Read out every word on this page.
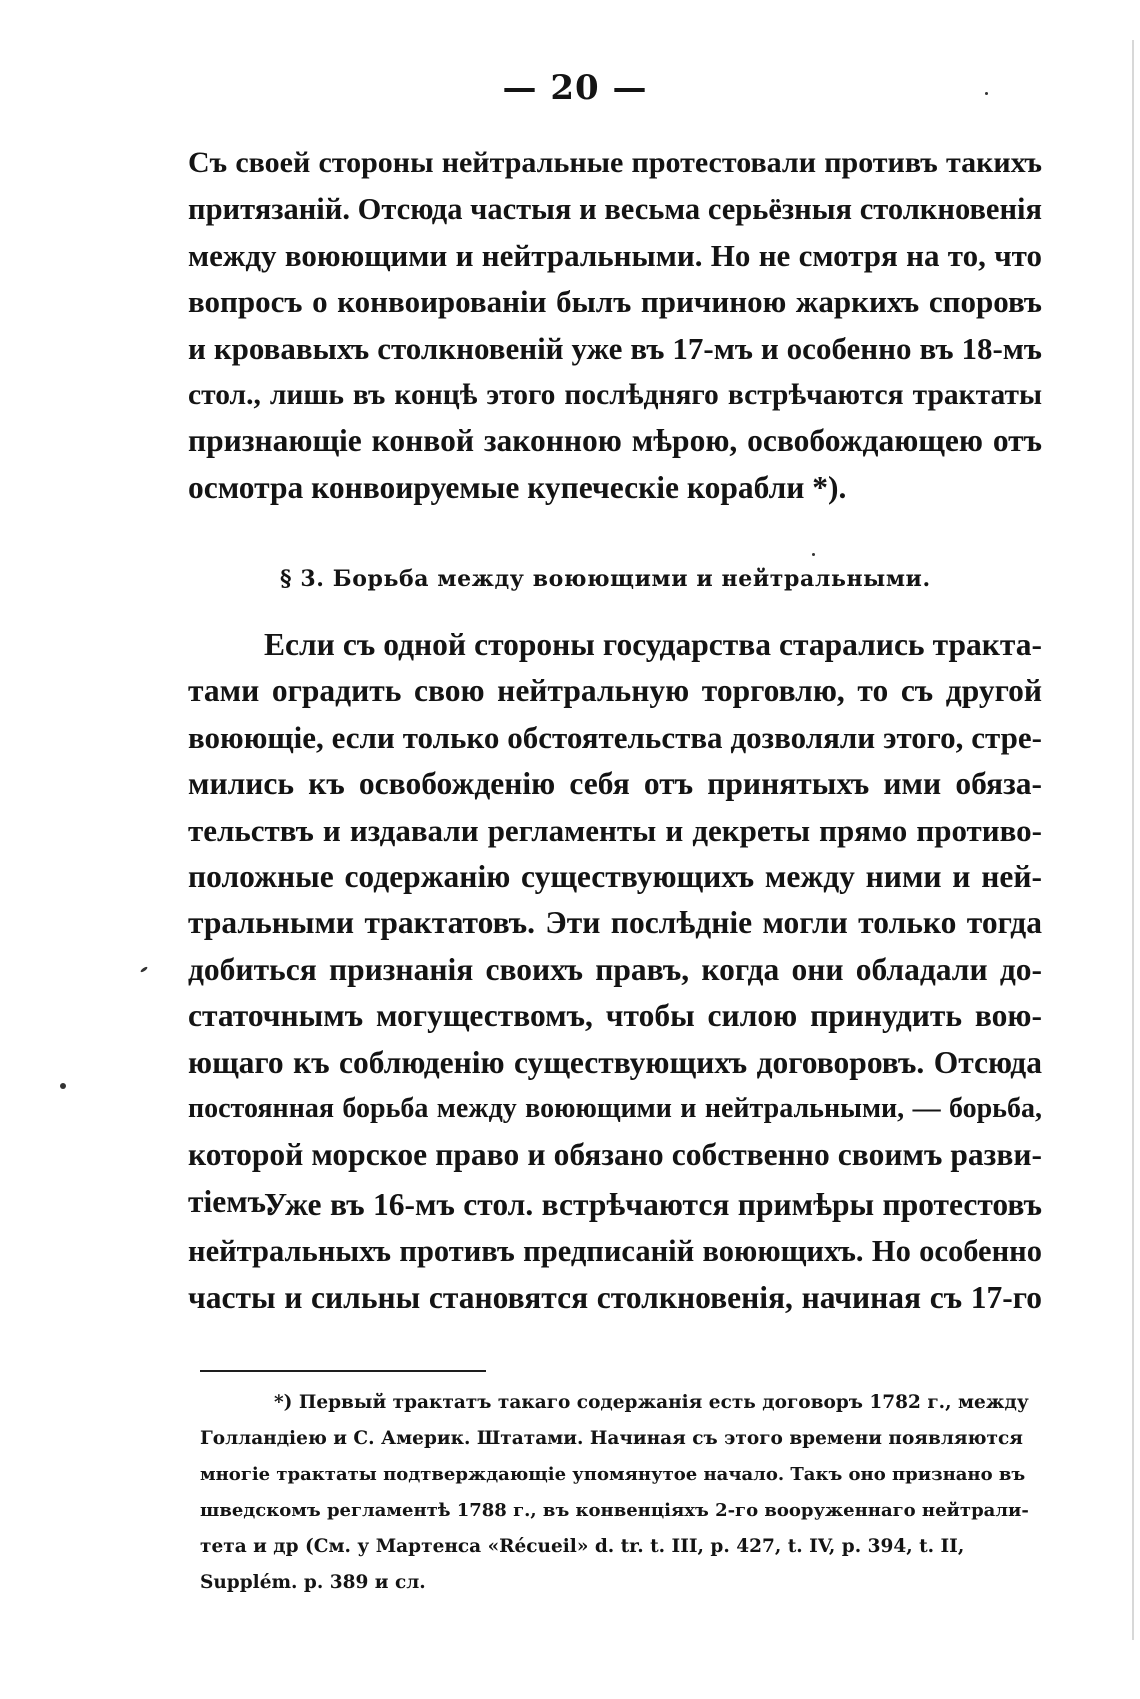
— 20 —
Съ своей стороны нейтральные протестовали противъ такихъ
притязаній. Отсюда частыя и весьма серьёзныя столкновенія
между воюющими и нейтральными. Но не смотря на то, что
вопросъ о конвоированіи былъ причиною жаркихъ споровъ
и кровавыхъ столкновеній уже въ 17-мъ и особенно въ 18-мъ
стол., лишь въ концѣ этого послѣдняго встрѣчаются трактаты
признающіе конвой законною мѣрою, освобождающею отъ
осмотра конвоируемые купеческіе корабли *).
§ 3. Борьба между воюющими и нейтральными.
Если съ одной стороны государства старались тракта-
тами оградить свою нейтральную торговлю, то съ другой
воюющіе, если только обстоятельства дозволяли этого, стре-
мились къ освобожденію себя отъ принятыхъ ими обяза-
тельствъ и издавали регламенты и декреты прямо противо-
положные содержанію существующихъ между ними и ней-
тральными трактатовъ. Эти послѣдніе могли только тогда
добиться признанія своихъ правъ, когда они обладали до-
статочнымъ могуществомъ, чтобы силою принудить вою-
ющаго къ соблюденію существующихъ договоровъ. Отсюда
постоянная борьба между воюющими и нейтральными, — борьба,
которой морское право и обязано собственно своимъ разви-
тіемъ.
Уже въ 16-мъ стол. встрѣчаются примѣры протестовъ
нейтральныхъ противъ предписаній воюющихъ. Но особенно
часты и сильны становятся столкновенія, начиная съ 17-го
*) Первый трактатъ такаго содержанія есть договоръ 1782 г., между
Голландіею и С. Америк. Штатами. Начиная съ этого времени появляются
многіе трактаты подтверждающіе упомянутое начало. Такъ оно признано въ
шведскомъ регламентѣ 1788 г., въ конвенціяхъ 2-го вооруженнаго нейтрали-
тета и др (См. у Мартенса «Récueil» d. tr. t. III, p. 427, t. IV, p. 394, t. II,
Supplém. p. 389 и сл.
